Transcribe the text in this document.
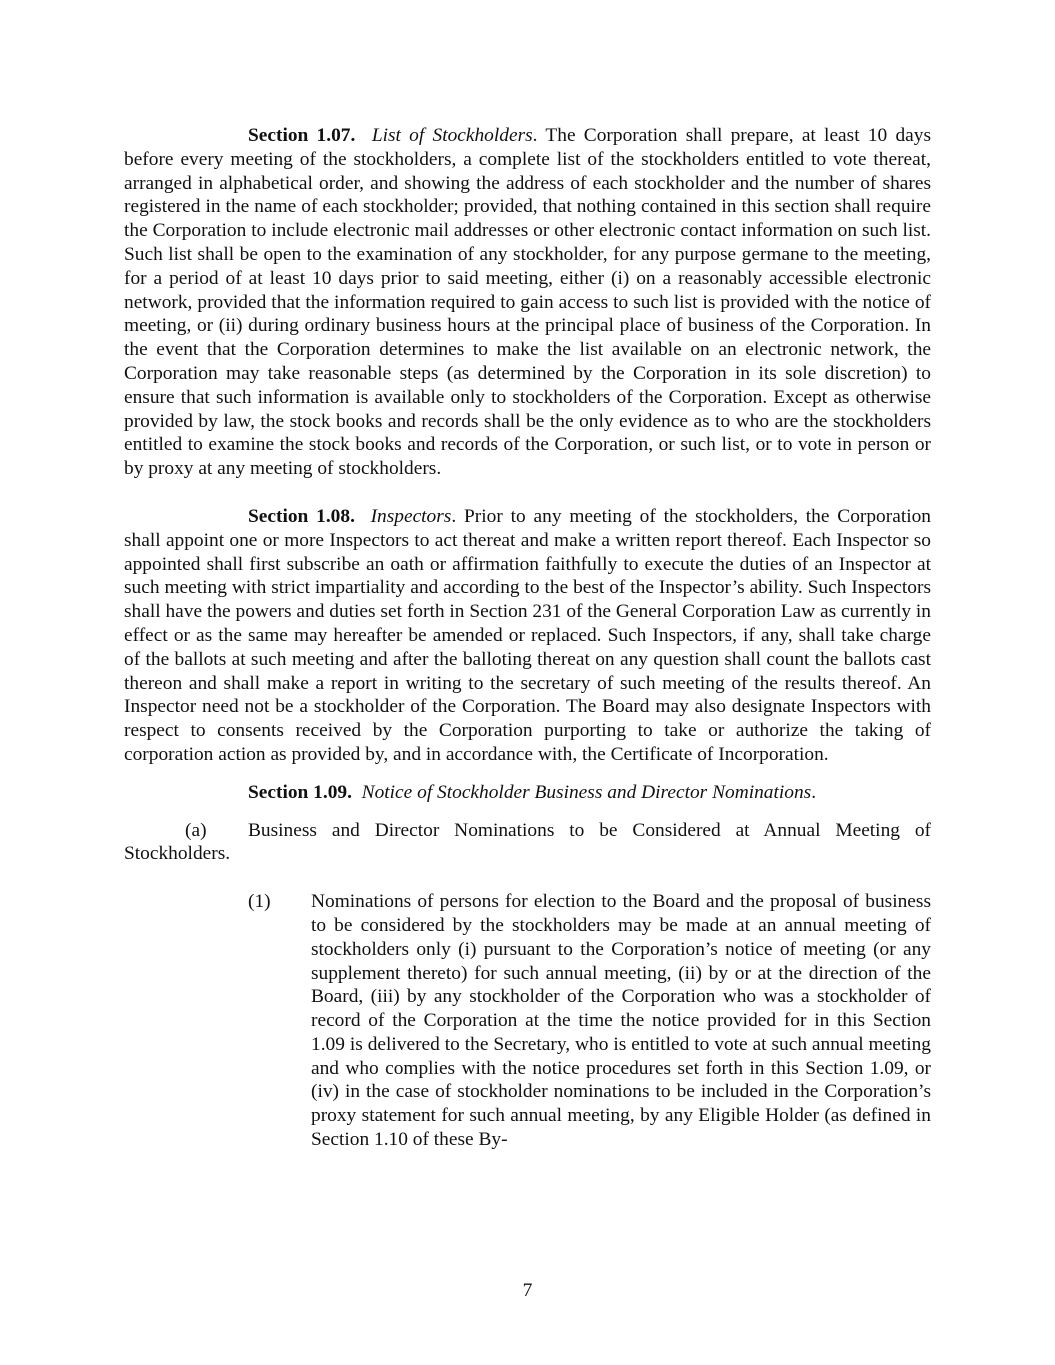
Section 1.07. List of Stockholders. The Corporation shall prepare, at least 10 days before every meeting of the stockholders, a complete list of the stockholders entitled to vote thereat, arranged in alphabetical order, and showing the address of each stockholder and the number of shares registered in the name of each stockholder; provided, that nothing contained in this section shall require the Corporation to include electronic mail addresses or other electronic contact information on such list. Such list shall be open to the examination of any stockholder, for any purpose germane to the meeting, for a period of at least 10 days prior to said meeting, either (i) on a reasonably accessible electronic network, provided that the information required to gain access to such list is provided with the notice of meeting, or (ii) during ordinary business hours at the principal place of business of the Corporation. In the event that the Corporation determines to make the list available on an electronic network, the Corporation may take reasonable steps (as determined by the Corporation in its sole discretion) to ensure that such information is available only to stockholders of the Corporation. Except as otherwise provided by law, the stock books and records shall be the only evidence as to who are the stockholders entitled to examine the stock books and records of the Corporation, or such list, or to vote in person or by proxy at any meeting of stockholders.

Section 1.08. Inspectors. Prior to any meeting of the stockholders, the Corporation shall appoint one or more Inspectors to act thereat and make a written report thereof. Each Inspector so appointed shall first subscribe an oath or affirmation faithfully to execute the duties of an Inspector at such meeting with strict impartiality and according to the best of the Inspector’s ability. Such Inspectors shall have the powers and duties set forth in Section 231 of the General Corporation Law as currently in effect or as the same may hereafter be amended or replaced. Such Inspectors, if any, shall take charge of the ballots at such meeting and after the balloting thereat on any question shall count the ballots cast thereon and shall make a report in writing to the secretary of such meeting of the results thereof. An Inspector need not be a stockholder of the Corporation. The Board may also designate Inspectors with respect to consents received by the Corporation purporting to take or authorize the taking of corporation action as provided by, and in accordance with, the Certificate of Incorporation.

Section 1.09. Notice of Stockholder Business and Director Nominations.

(a) Business and Director Nominations to be Considered at Annual Meeting of Stockholders.

(1) Nominations of persons for election to the Board and the proposal of business to be considered by the stockholders may be made at an annual meeting of stockholders only (i) pursuant to the Corporation’s notice of meeting (or any supplement thereto) for such annual meeting, (ii) by or at the direction of the Board, (iii) by any stockholder of the Corporation who was a stockholder of record of the Corporation at the time the notice provided for in this Section 1.09 is delivered to the Secretary, who is entitled to vote at such annual meeting and who complies with the notice procedures set forth in this Section 1.09, or (iv) in the case of stockholder nominations to be included in the Corporation’s proxy statement for such annual meeting, by any Eligible Holder (as defined in Section 1.10 of these By-

7
